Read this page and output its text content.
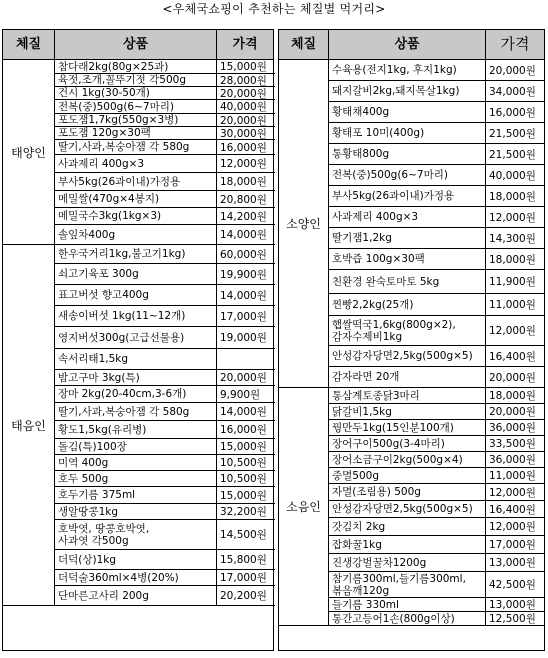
<우체국쇼핑이 추천하는 체질별 먹거리>
체질	상품	가격
태양인
참다래2kg(80g×25과)	15,000원
육젓,조개,꼴뚜기젓 각500g	28,000원
건시 1kg(30-50개)	20,000원
전복(중)500g(6~7마리)	40,000원
포도잼1,7kg(550g×3병)	20,000원
포도잼 120g×30팩	30,000원
딸기,사과,복숭아잼 각 580g	16,000원
사과제리 400g×3	12,000원
부사5kg(26과이내)가정용	18,000원
메밀쌀(470g×4봉지)	20,800원
메밀국수3kg(1kg×3)	14,200원
솔잎차400g	14,000원
태음인
한우국거리1kg,불고기1kg)	60,000원
쇠고기육포 300g	19,900원
표고버섯 향고400g	14,000원
새송이버섯 1kg(11~12개)	17,000원
영지버섯300g(고급선물용)	19,000원
속서리태1,5kg
밤고구마 3kg(특)	20,000원
장마 2kg(20-40cm,3-6개)	9,900원
딸기,사과,복숭아잼 각 580g	14,000원
황도1,5kg(유리병)	16,000원
돌김(특)100장	15,000원
미역 400g	10,500원
호두 500g	10,500원
호두기름 375ml	15,000원
생알땅콩1kg	32,200원
호박엿, 땅콩호박엿,
사과엿 각500g	14,500원
더덕(상)1kg	15,800원
더덕술360ml×4병(20%)	17,000원
단마른고사리 200g	20,200원
체질	상품	가격
소양인
수육용(전지1kg, 후지1kg)	20,000원
돼지갈비2kg,돼지목살1kg)	34,000원
황태채400g	16,000원
황태포 10미(400g)	21,500원
통황태800g	21,500원
전복(중)500g(6~7마리)	40,000원
부사5kg(26과이내)가정용	18,000원
사과제리 400g×3	12,000원
딸기잼1,2kg	14,300원
호박즙 100g×30팩	18,000원
친환경 완숙토마토 5kg	11,900원
찐빵2,2kg(25개)	11,000원
햅쌀떡국1,6kg(800g×2),
감자수제비1kg	12,000원
안성감자당면2,5kg(500g×5)	16,400원
감자라면 20개	20,000원
소음인
통삼계토종닭3마리	18,000원
닭갈비1,5kg	20,000원
꿩만두1kg(15인분100개)	36,000원
장어구이500g(3-4마리)	33,500원
장어소금구이2kg(500g×4)	36,000원
중멸500g	11,000원
자멸(조림용) 500g	12,000원
안성감자당면2,5kg(500g×5)	16,400원
갓김치 2kg	12,000원
잡화꿀1kg	17,000원
진생강벌꿀차1200g	13,000원
참기름300ml,들기름300ml,
볶음깨120g	42,500원
들기름 330ml	13,000원
통간고등어1손(800g이상)	12,500원
